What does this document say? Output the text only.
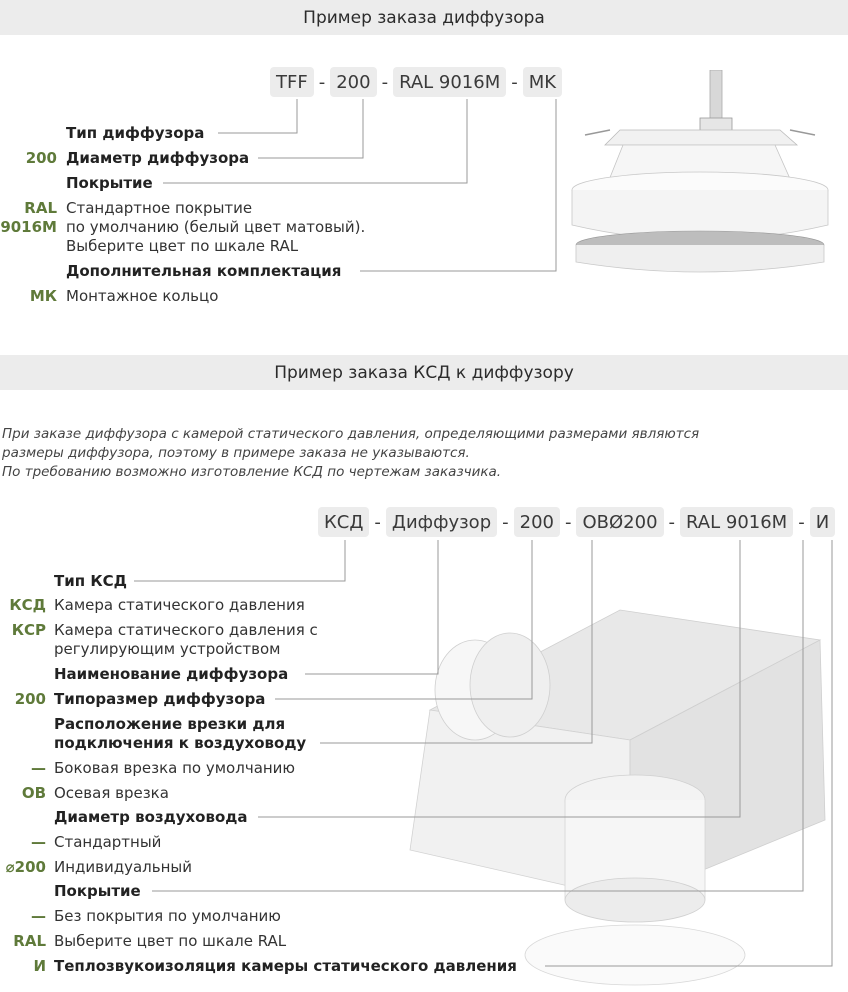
Пример заказа диффузора
TFF - 200 - RAL 9016M - MK
Тип диффузора
200 Диаметр диффузора
Покрытие
RAL
9016M
Стандартное покрытие
по умолчанию (белый цвет матовый).
Выберите цвет по шкале RAL
Дополнительная комплектация
МК Монтажное кольцо
Пример заказа КСД к диффузору
При заказе диффузора с камерой статического давления, определяющими размерами являются
размеры диффузора, поэтому в примере заказа не указываются.
По требованию возможно изготовление КСД по чертежам заказчика.
КСД - Диффузор - 200 - ОВØ200 - RAL 9016M - И
Тип КСД
КСД Камера статического давления
КСР Камера статического давления с
регулирующим устройством
Наименование диффузора
200 Типоразмер диффузора
Расположение врезки для
подключения к воздуховоду
— Боковая врезка по умолчанию
ОВ Осевая врезка
Диаметр воздуховода
— Стандартный
⌀200 Индивидуальный
Покрытие
— Без покрытия по умолчанию
RAL Выберите цвет по шкале RAL
И Теплозвукоизоляция камеры статического давления
